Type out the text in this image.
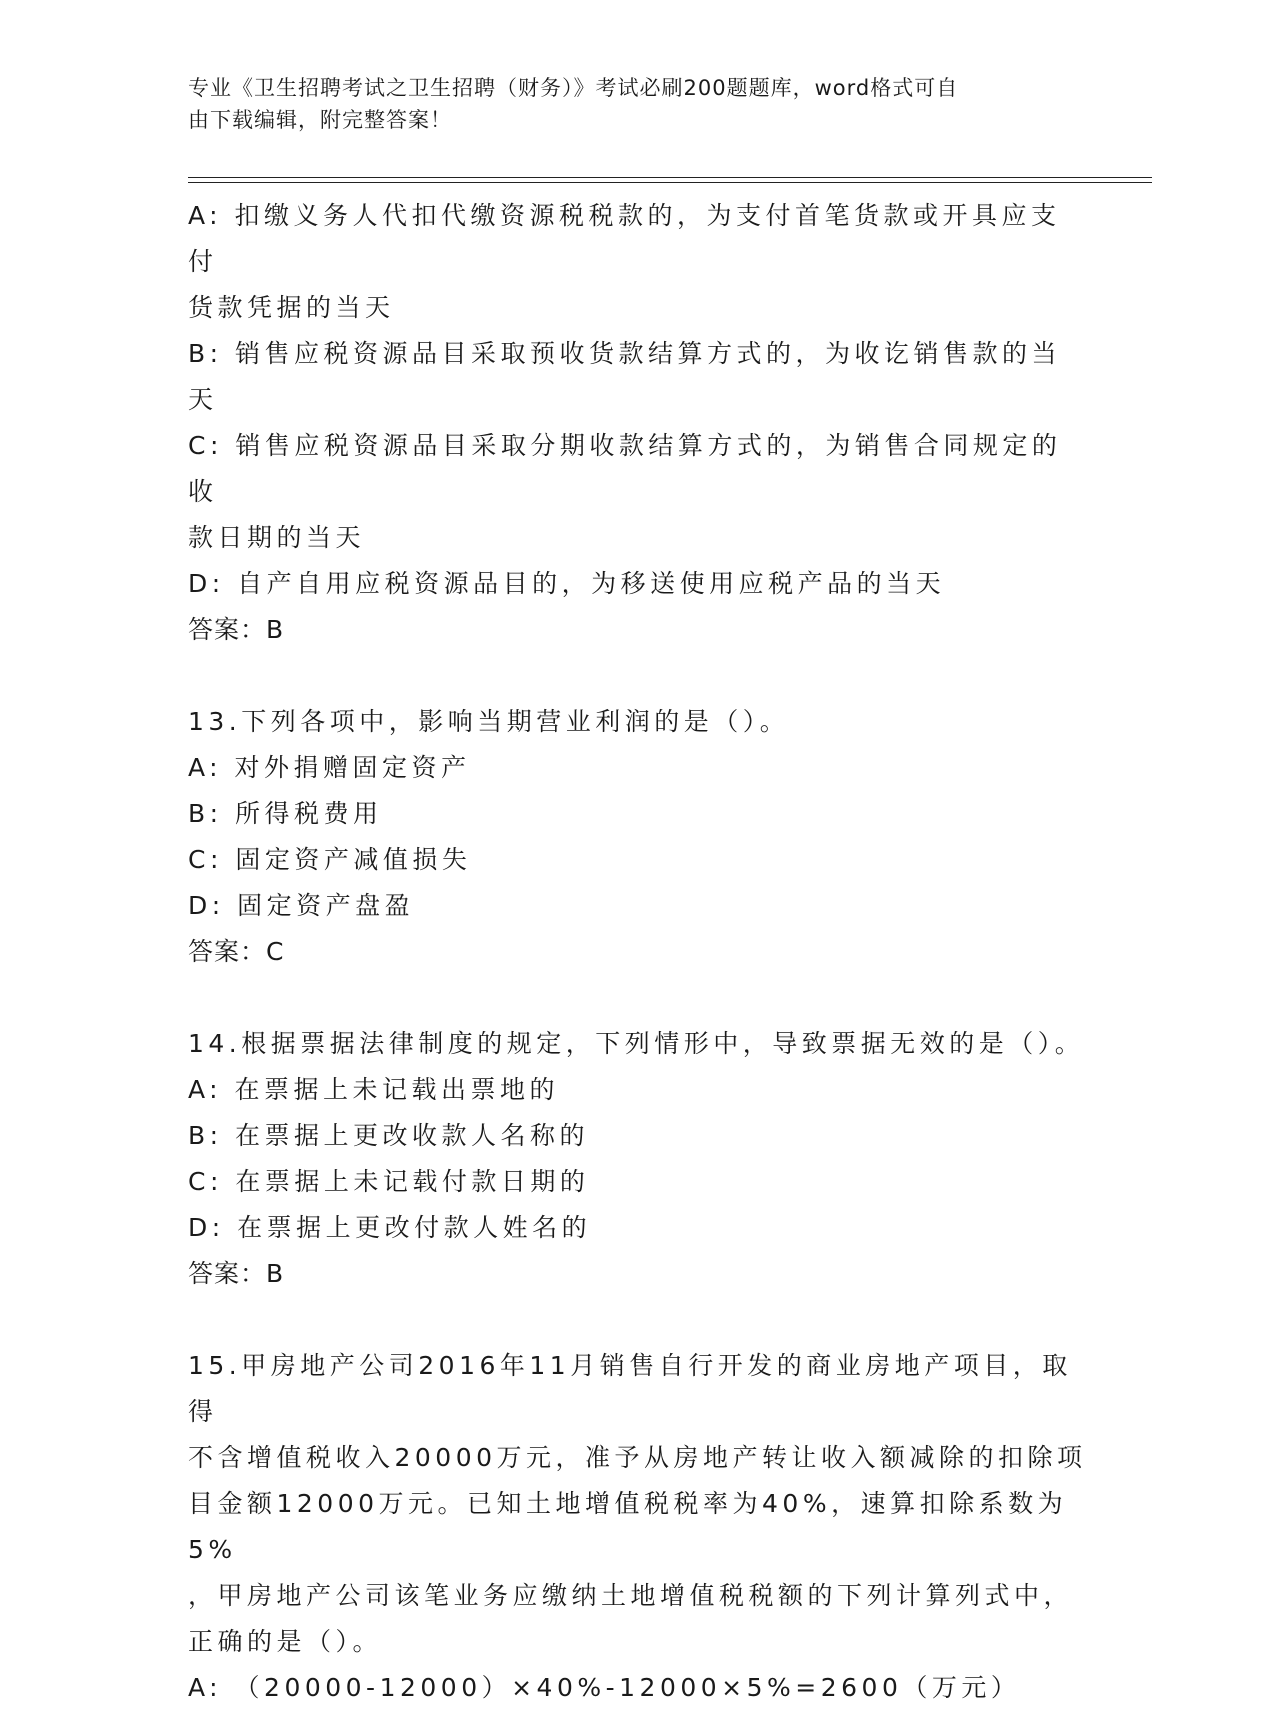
专业《卫生招聘考试之卫生招聘（财务）》考试必刷200题题库，word格式可自
由下载编辑，附完整答案！

A: 扣缴义务人代扣代缴资源税税款的，为支付首笔货款或开具应支付

货款凭据的当天

B: 销售应税资源品目采取预收货款结算方式的，为收讫销售款的当天

C: 销售应税资源品目采取分期收款结算方式的，为销售合同规定的收

款日期的当天

D: 自产自用应税资源品目的，为移送使用应税产品的当天

答案：B

13.下列各项中，影响当期营业利润的是（）。

A: 对外捐赠固定资产

B: 所得税费用

C: 固定资产减值损失

D: 固定资产盘盈

答案：C

14.根据票据法律制度的规定，下列情形中，导致票据无效的是（）。

A: 在票据上未记载出票地的

B: 在票据上更改收款人名称的

C: 在票据上未记载付款日期的

D: 在票据上更改付款人姓名的

答案：B

15.甲房地产公司2016年11月销售自行开发的商业房地产项目，取得

不含增值税收入20000万元，准予从房地产转让收入额减除的扣除项

目金额12000万元。已知土地增值税税率为40%，速算扣除系数为5%

，甲房地产公司该笔业务应缴纳土地增值税税额的下列计算列式中，

正确的是（）。

A: （20000-12000）×40%-12000×5%=2600（万元）
